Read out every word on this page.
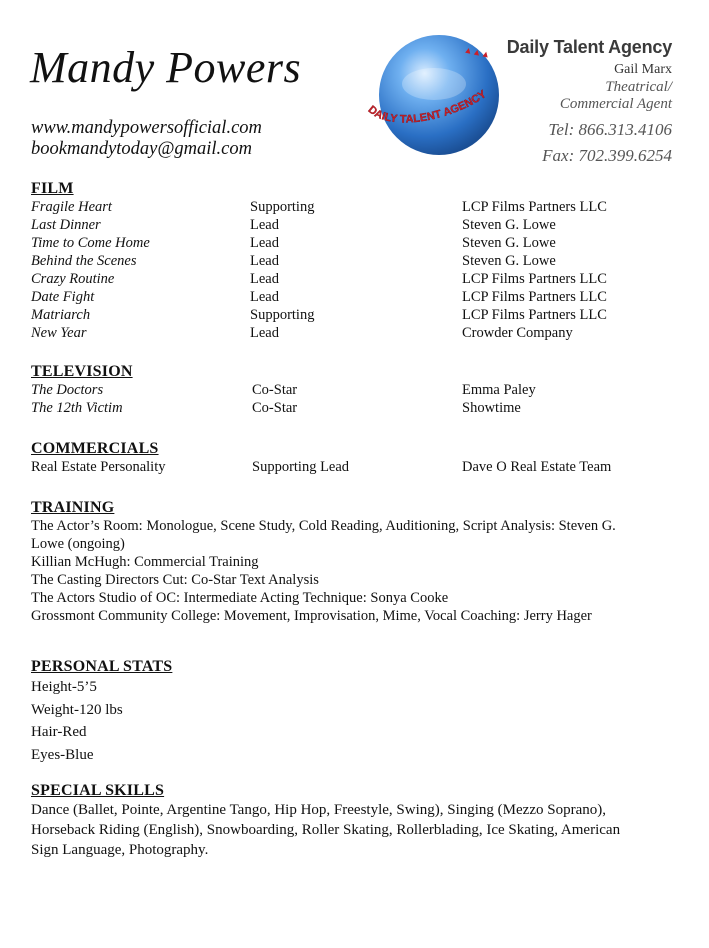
Mandy Powers
www.mandypowersofficial.com
bookmandytoday@gmail.com
DAILY TALENT AGENCY
▲▲▲ Daily Talent Agency
Gail Marx
Theatrical/
Commercial Agent
Tel: 866.313.4106
Fax: 702.399.6254
FILM
Fragile Heart	Supporting	LCP Films Partners LLC
Last Dinner	Lead	Steven G. Lowe
Time to Come Home	Lead	Steven G. Lowe
Behind the Scenes	Lead	Steven G. Lowe
Crazy Routine	Lead	LCP Films Partners LLC
Date Fight	Lead	LCP Films Partners LLC
Matriarch	Supporting	LCP Films Partners LLC
New Year	Lead	Crowder Company
TELEVISION
The Doctors	Co-Star	Emma Paley
The 12th Victim	Co-Star	Showtime
COMMERCIALS
Real Estate Personality	Supporting Lead	Dave O Real Estate Team
TRAINING
The Actor’s Room: Monologue, Scene Study, Cold Reading, Auditioning, Script Analysis: Steven G. Lowe (ongoing)
Killian McHugh: Commercial Training
The Casting Directors Cut: Co-Star Text Analysis
The Actors Studio of OC: Intermediate Acting Technique: Sonya Cooke
Grossmont Community College: Movement, Improvisation, Mime, Vocal Coaching: Jerry Hager
PERSONAL STATS
Height-5’5
Weight-120 lbs
Hair-Red
Eyes-Blue
SPECIAL SKILLS
Dance (Ballet, Pointe, Argentine Tango, Hip Hop, Freestyle, Swing), Singing (Mezzo Soprano), Horseback Riding (English), Snowboarding, Roller Skating, Rollerblading, Ice Skating, American Sign Language, Photography.
